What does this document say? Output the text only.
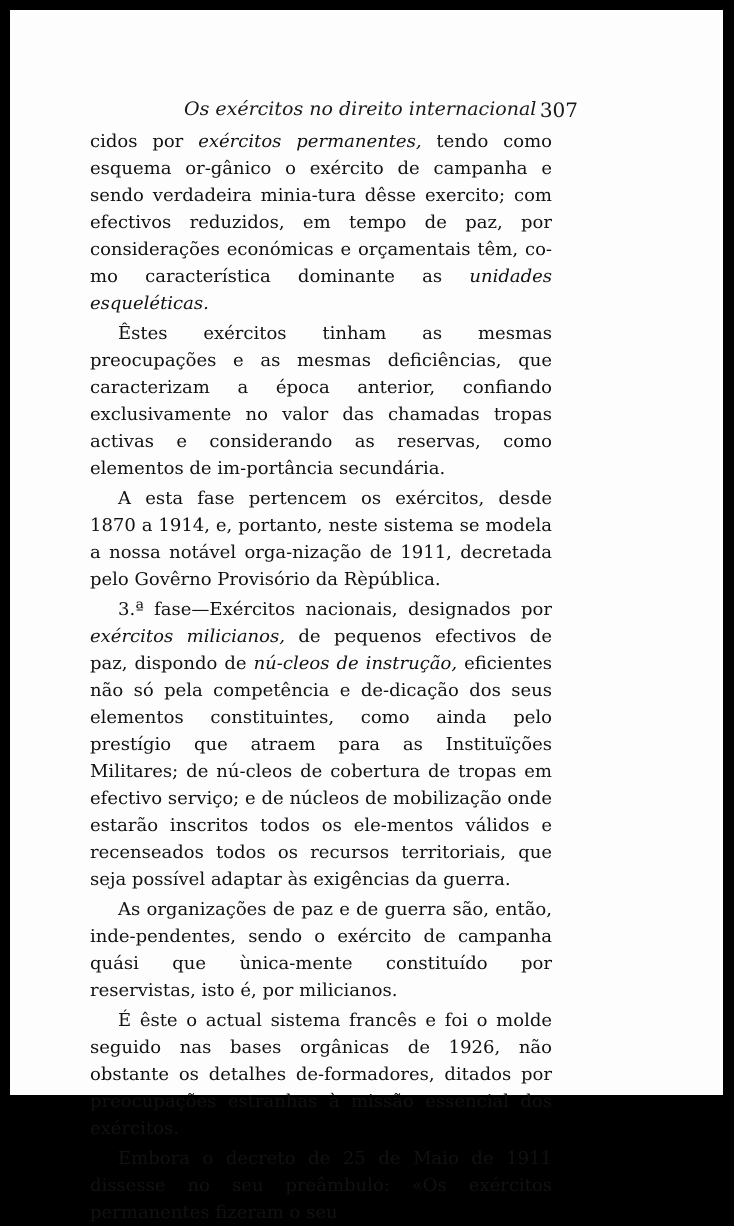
Os exércitos no direito internacional 307

cidos por exércitos permanentes, tendo como esquema or-gânico o exército de campanha e sendo verdadeira minia-tura dêsse exercito; com efectivos reduzidos, em tempo de paz, por considerações económicas e orçamentais têm, co-mo característica dominante as unidades esqueléticas.

Êstes exércitos tinham as mesmas preocupações e as mesmas deficiências, que caracterizam a época anterior, confiando exclusivamente no valor das chamadas tropas activas e considerando as reservas, como elementos de im-portância secundária.

A esta fase pertencem os exércitos, desde 1870 a 1914, e, portanto, neste sistema se modela a nossa notável orga-nização de 1911, decretada pelo Govêrno Provisório da Rèpública.

3.ª fase—Exércitos nacionais, designados por exércitos milicianos, de pequenos efectivos de paz, dispondo de nú-cleos de instrução, eficientes não só pela competência e de-dicação dos seus elementos constituintes, como ainda pelo prestígio que atraem para as Instituïções Militares; de nú-cleos de cobertura de tropas em efectivo serviço; e de núcleos de mobilização onde estarão inscritos todos os ele-mentos válidos e recenseados todos os recursos territoriais, que seja possível adaptar às exigências da guerra.

As organizações de paz e de guerra são, então, inde-pendentes, sendo o exército de campanha quási que ùnica-mente constituído por reservistas, isto é, por milicianos.

É êste o actual sistema francês e foi o molde seguido nas bases orgânicas de 1926, não obstante os detalhes de-formadores, ditados por preocupações estranhas à missão essencial dos exércitos.

Embora o decreto de 25 de Maio de 1911 dissesse no seu preâmbulo: «Os exércitos permanentes fizeram o seu
